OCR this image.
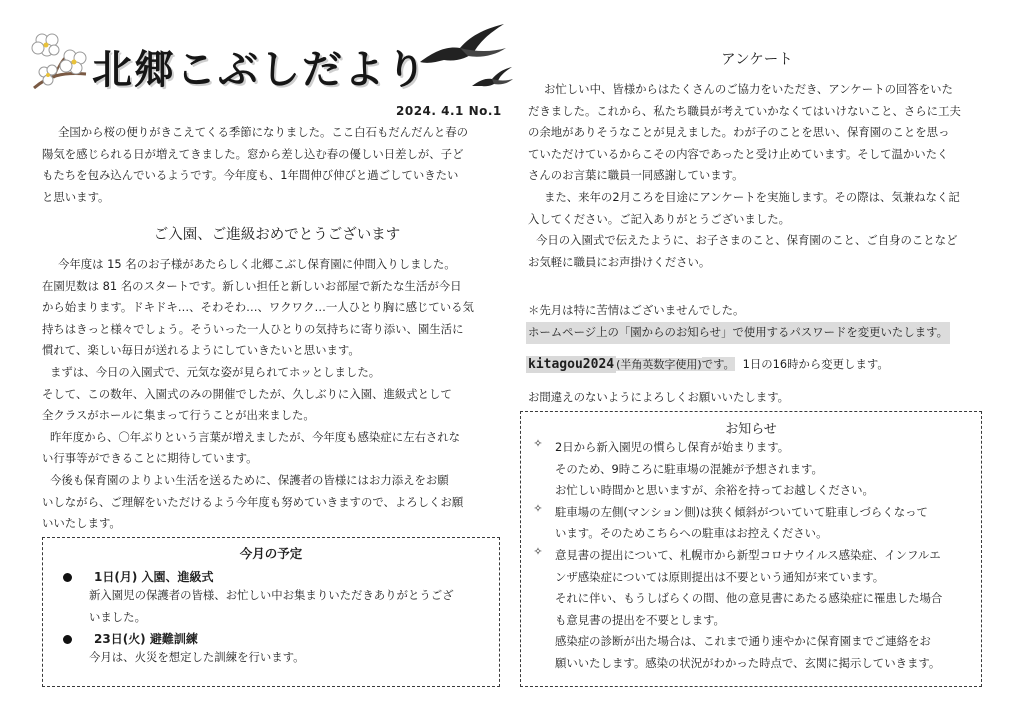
北郷こぶしだより
2024. 4.1 No.1

全国から桜の便りがきこえてくる季節になりました。ここ白石もだんだんと春の

陽気を感じられる日が増えてきました。窓から差し込む春の優しい日差しが、子ど

もたちを包み込んでいるようです。今年度も、1年間伸び伸びと過ごしていきたい

と思います。

ご入園、ご進級おめでとうございます

今年度は 15 名のお子様があたらしく北郷こぶし保育園に仲間入りしました。

在園児数は 81 名のスタートです。新しい担任と新しいお部屋で新たな生活が今日

から始まります。ドキドキ…、そわそわ…、ワクワク…一人ひとり胸に感じている気

持ちはきっと様々でしょう。そういった一人ひとりの気持ちに寄り添い、園生活に

慣れて、楽しい毎日が送れるようにしていきたいと思います。

まずは、今日の入園式で、元気な姿が見られてホッとしました。

そして、この数年、入園式のみの開催でしたが、久しぶりに入園、進級式として

全クラスがホールに集まって行うことが出来ました。

昨年度から、〇年ぶりという言葉が増えましたが、今年度も感染症に左右されな

い行事等ができることに期待しています。

今後も保育園のよりよい生活を送るために、保護者の皆様にはお力添えをお願

いしながら、ご理解をいただけるよう今年度も努めていきますので、よろしくお願

いいたします。

今月の予定
1日(月) 入園、進級式

新入園児の保護者の皆様、お忙しい中お集まりいただきありがとうござ

いました。

23日(火) 避難訓練

今月は、火災を想定した訓練を行います。

アンケート

お忙しい中、皆様からはたくさんのご協力をいただき、アンケートの回答をいた

だきました。これから、私たち職員が考えていかなくてはいけないこと、さらに工夫

の余地がありそうなことが見えました。わが子のことを思い、保育園のことを思っ

ていただけているからこその内容であったと受け止めています。そして温かいたく

さんのお言葉に職員一同感謝しています。

また、来年の2月ころを目途にアンケートを実施します。その際は、気兼ねなく記

入してください。ご記入ありがとうございました。

今日の入園式で伝えたように、お子さまのこと、保育園のこと、ご自身のことなど

お気軽に職員にお声掛けください。

＊先月は特に苦情はございませんでした。

ホームページ上の「園からのお知らせ」で使用するパスワードを変更いたします。

kitagou2024 (半角英数字使用)です。 1日の16時から変更します。

お間違えのないようによろしくお願いいたします。

お知らせ
✧ 2日から新入園児の慣らし保育が始まります。

そのため、9時ころに駐車場の混雑が予想されます。

お忙しい時間かと思いますが、余裕を持ってお越しください。

✧ 駐車場の左側(マンション側)は狭く傾斜がついていて駐車しづらくなって

います。そのためこちらへの駐車はお控えください。

✧ 意見書の提出について、札幌市から新型コロナウイルス感染症、インフルエ

ンザ感染症については原則提出は不要という通知が来ています。

それに伴い、もうしばらくの間、他の意見書にあたる感染症に罹患した場合

も意見書の提出を不要とします。

感染症の診断が出た場合は、これまで通り速やかに保育園までご連絡をお

願いいたします。感染の状況がわかった時点で、玄関に掲示していきます。
